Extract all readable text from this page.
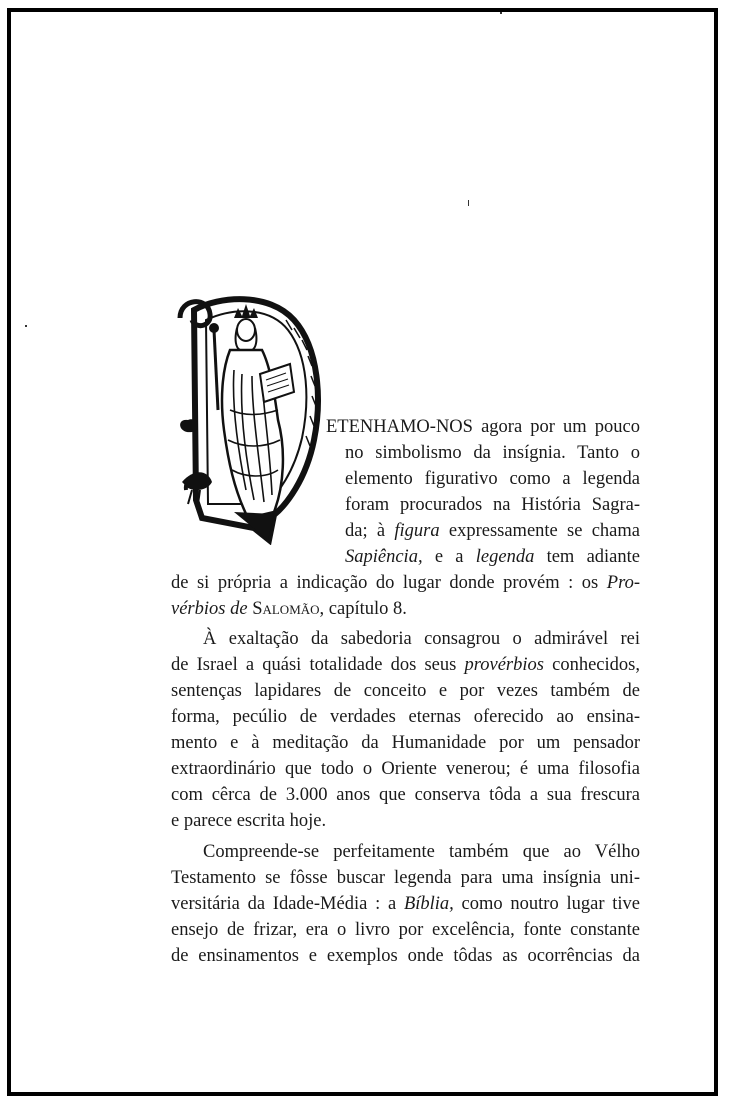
ETENHAMO-NOS agora por um pouco

no simbolismo da insígnia. Tanto o

elemento figurativo como a legenda

foram procurados na História Sagra-

da; à figura expressamente se chama

Sapiência, e a legenda tem adiante

de si própria a indicação do lugar donde provém : os Pro-

vérbios de Salomão, capítulo 8.

À exaltação da sabedoria consagrou o admirável rei

de Israel a quási totalidade dos seus provérbios conhecidos,

sentenças lapidares de conceito e por vezes também de

forma, pecúlio de verdades eternas oferecido ao ensina-

mento e à meditação da Humanidade por um pensador

extraordinário que todo o Oriente venerou; é uma filosofia

com cêrca de 3.000 anos que conserva tôda a sua frescura

e parece escrita hoje.

Compreende-se perfeitamente também que ao Vélho

Testamento se fôsse buscar legenda para uma insígnia uni-

versitária da Idade-Média : a Bíblia, como noutro lugar tive

ensejo de frizar, era o livro por excelência, fonte constante

de ensinamentos e exemplos onde tôdas as ocorrências da
